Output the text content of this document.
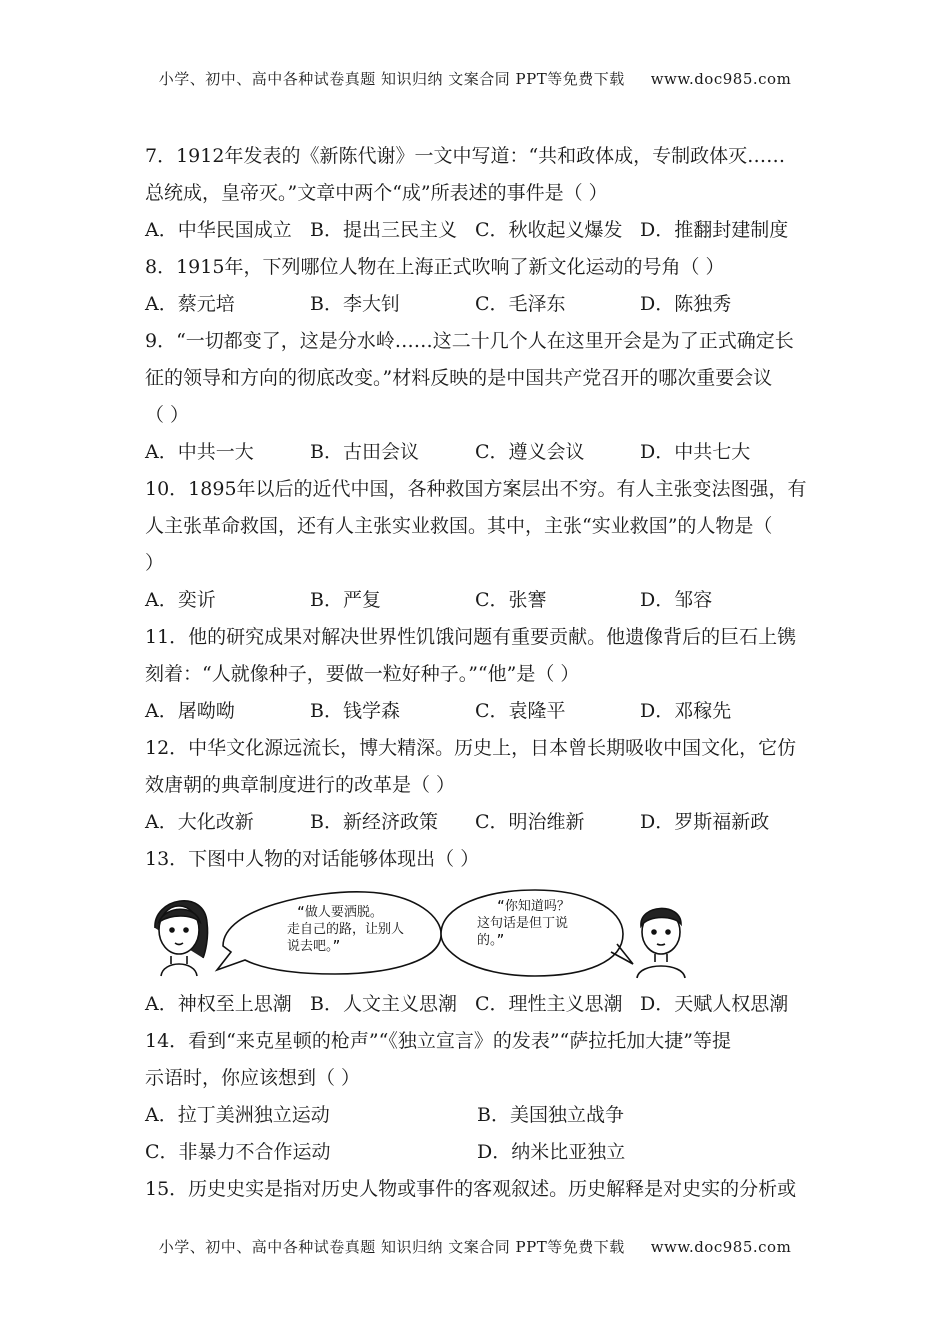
小学、初中、高中各种试卷真题 知识归纳 文案合同 PPT等免费下载 www.doc985.com
7．1912年发表的《新陈代谢》一文中写道：“共和政体成，专制政体灭……
总统成，皇帝灭。”文章中两个“成”所表述的事件是（ ）
A．中华民国成立 B．提出三民主义 C．秋收起义爆发 D．推翻封建制度
8．1915年，下列哪位人物在上海正式吹响了新文化运动的号角（ ）
A．蔡元培	B．李大钊	C．毛泽东	D．陈独秀
9．“一切都变了，这是分水岭……这二十几个人在这里开会是为了正式确定长
征的领导和方向的彻底改变。”材料反映的是中国共产党召开的哪次重要会议
（ ）
A．中共一大	B．古田会议	C．遵义会议	D．中共七大
10．1895年以后的近代中国，各种救国方案层出不穷。有人主张变法图强，有
人主张革命救国，还有人主张实业救国。其中，主张“实业救国”的人物是（
）
A．奕䜣	B．严复	C．张謇	D．邹容
11．他的研究成果对解决世界性饥饿问题有重要贡献。他遗像背后的巨石上镌
刻着：“人就像种子，要做一粒好种子。”“他”是（ ）
A．屠呦呦	B．钱学森	C．袁隆平	D．邓稼先
12．中华文化源远流长，博大精深。历史上，日本曾长期吸收中国文化，它仿
效唐朝的典章制度进行的改革是（ ）
A．大化改新	B．新经济政策	C．明治维新	D．罗斯福新政
13．下图中人物的对话能够体现出（ ）
“做人要洒脱。
走自己的路，让别人
说去吧。”
“你知道吗？
这句话是但丁说
的。”
A．神权至上思潮 B．人文主义思潮 C．理性主义思潮 D．天赋人权思潮
14．看到“来克星顿的枪声”“《独立宣言》的发表”“萨拉托加大捷”等提
示语时，你应该想到（ ）
A．拉丁美洲独立运动	B．美国独立战争
C．非暴力不合作运动	D．纳米比亚独立
15．历史史实是指对历史人物或事件的客观叙述。历史解释是对史实的分析或
小学、初中、高中各种试卷真题 知识归纳 文案合同 PPT等免费下载 www.doc985.com
